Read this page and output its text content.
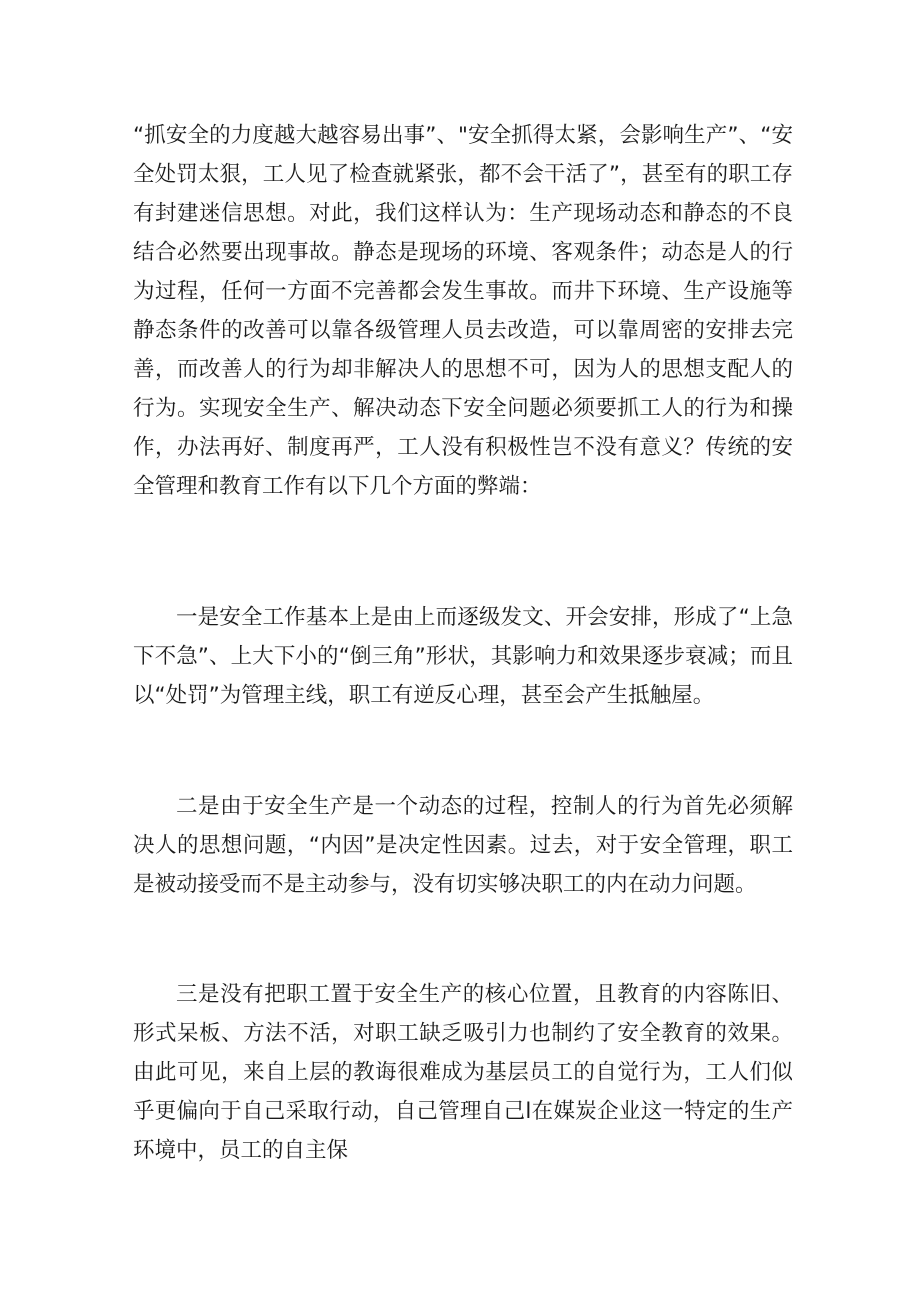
“抓安全的力度越大越容易出事”、"安全抓得太紧，会影响生产”、“安全处罚太狠，工人见了检查就紧张，都不会干活了”，甚至有的职工存有封建迷信思想。对此，我们这样认为：生产现场动态和静态的不良结合必然要出现事故。静态是现场的环境、客观条件；动态是人的行为过程，任何一方面不完善都会发生事故。而井下环境、生产设施等静态条件的改善可以靠各级管理人员去改造，可以靠周密的安排去完善，而改善人的行为却非解决人的思想不可，因为人的思想支配人的行为。实现安全生产、解决动态下安全问题必须要抓工人的行为和操作，办法再好、制度再严，工人没有积极性岂不没有意义？传统的安全管理和教育工作有以下几个方面的弊端：

一是安全工作基本上是由上而逐级发文、开会安排，形成了“上急下不急”、上大下小的“倒三角”形状，其影响力和效果逐步衰减；而且以“处罚”为管理主线，职工有逆反心理，甚至会产生抵触屋。

二是由于安全生产是一个动态的过程，控制人的行为首先必须解决人的思想问题，“内因”是决定性因素。过去，对于安全管理，职工是被动接受而不是主动参与，没有切实够决职工的内在动力问题。

三是没有把职工置于安全生产的核心位置，且教育的内容陈旧、形式呆板、方法不活，对职工缺乏吸引力也制约了安全教育的效果。由此可见，来自上层的教诲很难成为基层员工的自觉行为，工人们似乎更偏向于自己采取行动，自己管理自己l在媒炭企业这一特定的生产环境中，员工的自主保
